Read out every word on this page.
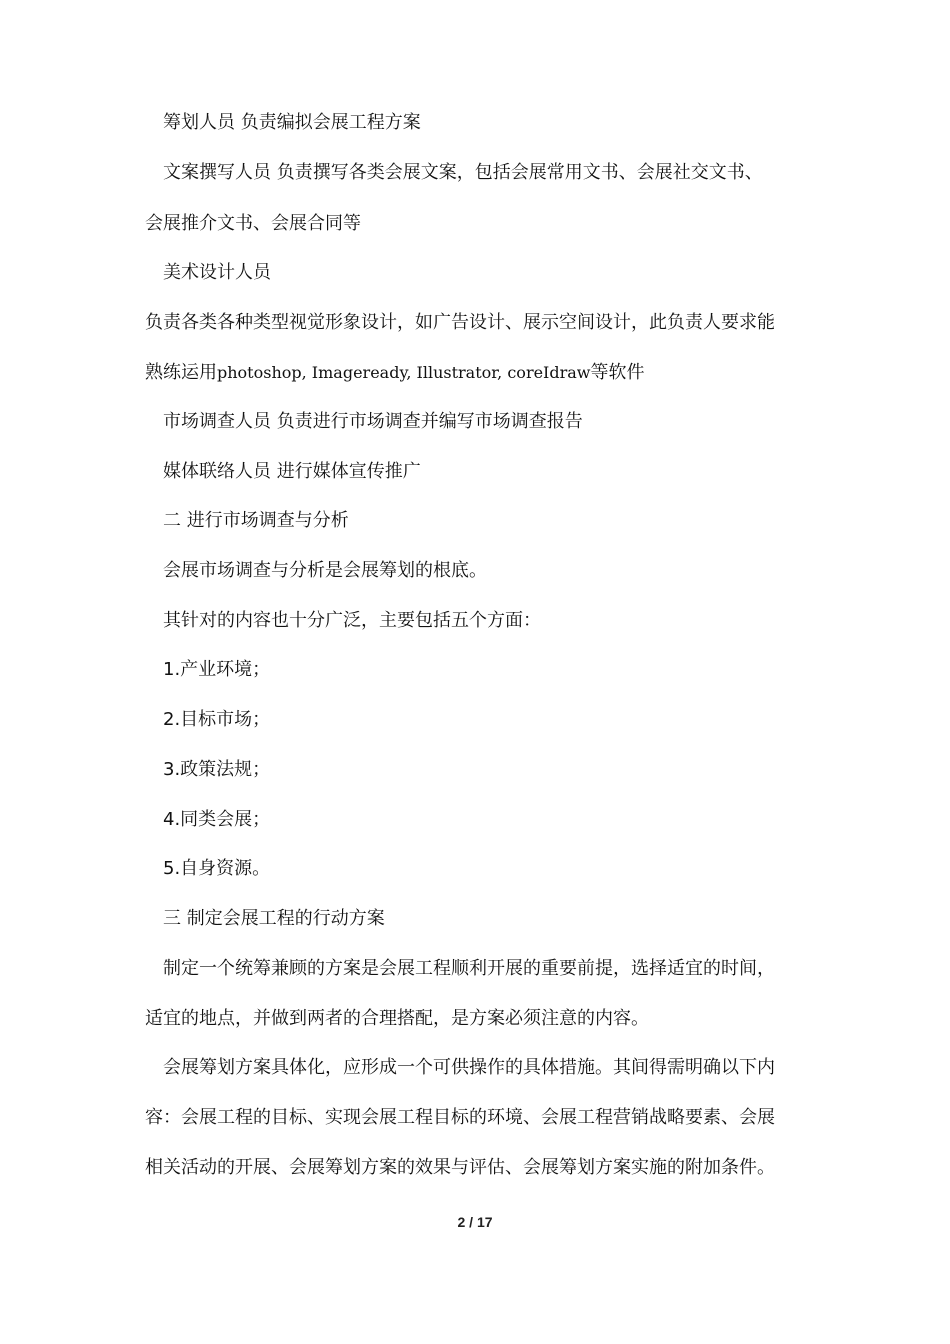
筹划人员 负责编拟会展工程方案
文案撰写人员 负责撰写各类会展文案，包括会展常用文书、会展社交文书、
会展推介文书、会展合同等
美术设计人员
负责各类各种类型视觉形象设计，如广告设计、展示空间设计，此负责人要求能
熟练运用photoshop, Imageready, Illustrator, coreIdraw等软件
市场调查人员 负责进行市场调查并编写市场调查报告
媒体联络人员 进行媒体宣传推广
二 进行市场调查与分析
会展市场调查与分析是会展筹划的根底。
其针对的内容也十分广泛，主要包括五个方面：
1.产业环境；
2.目标市场；
3.政策法规；
4.同类会展；
5.自身资源。
三 制定会展工程的行动方案
制定一个统筹兼顾的方案是会展工程顺利开展的重要前提，选择适宜的时间，
适宜的地点，并做到两者的合理搭配，是方案必须注意的内容。
会展筹划方案具体化，应形成一个可供操作的具体措施。其间得需明确以下内
容：会展工程的目标、实现会展工程目标的环境、会展工程营销战略要素、会展
相关活动的开展、会展筹划方案的效果与评估、会展筹划方案实施的附加条件。
2 / 17
